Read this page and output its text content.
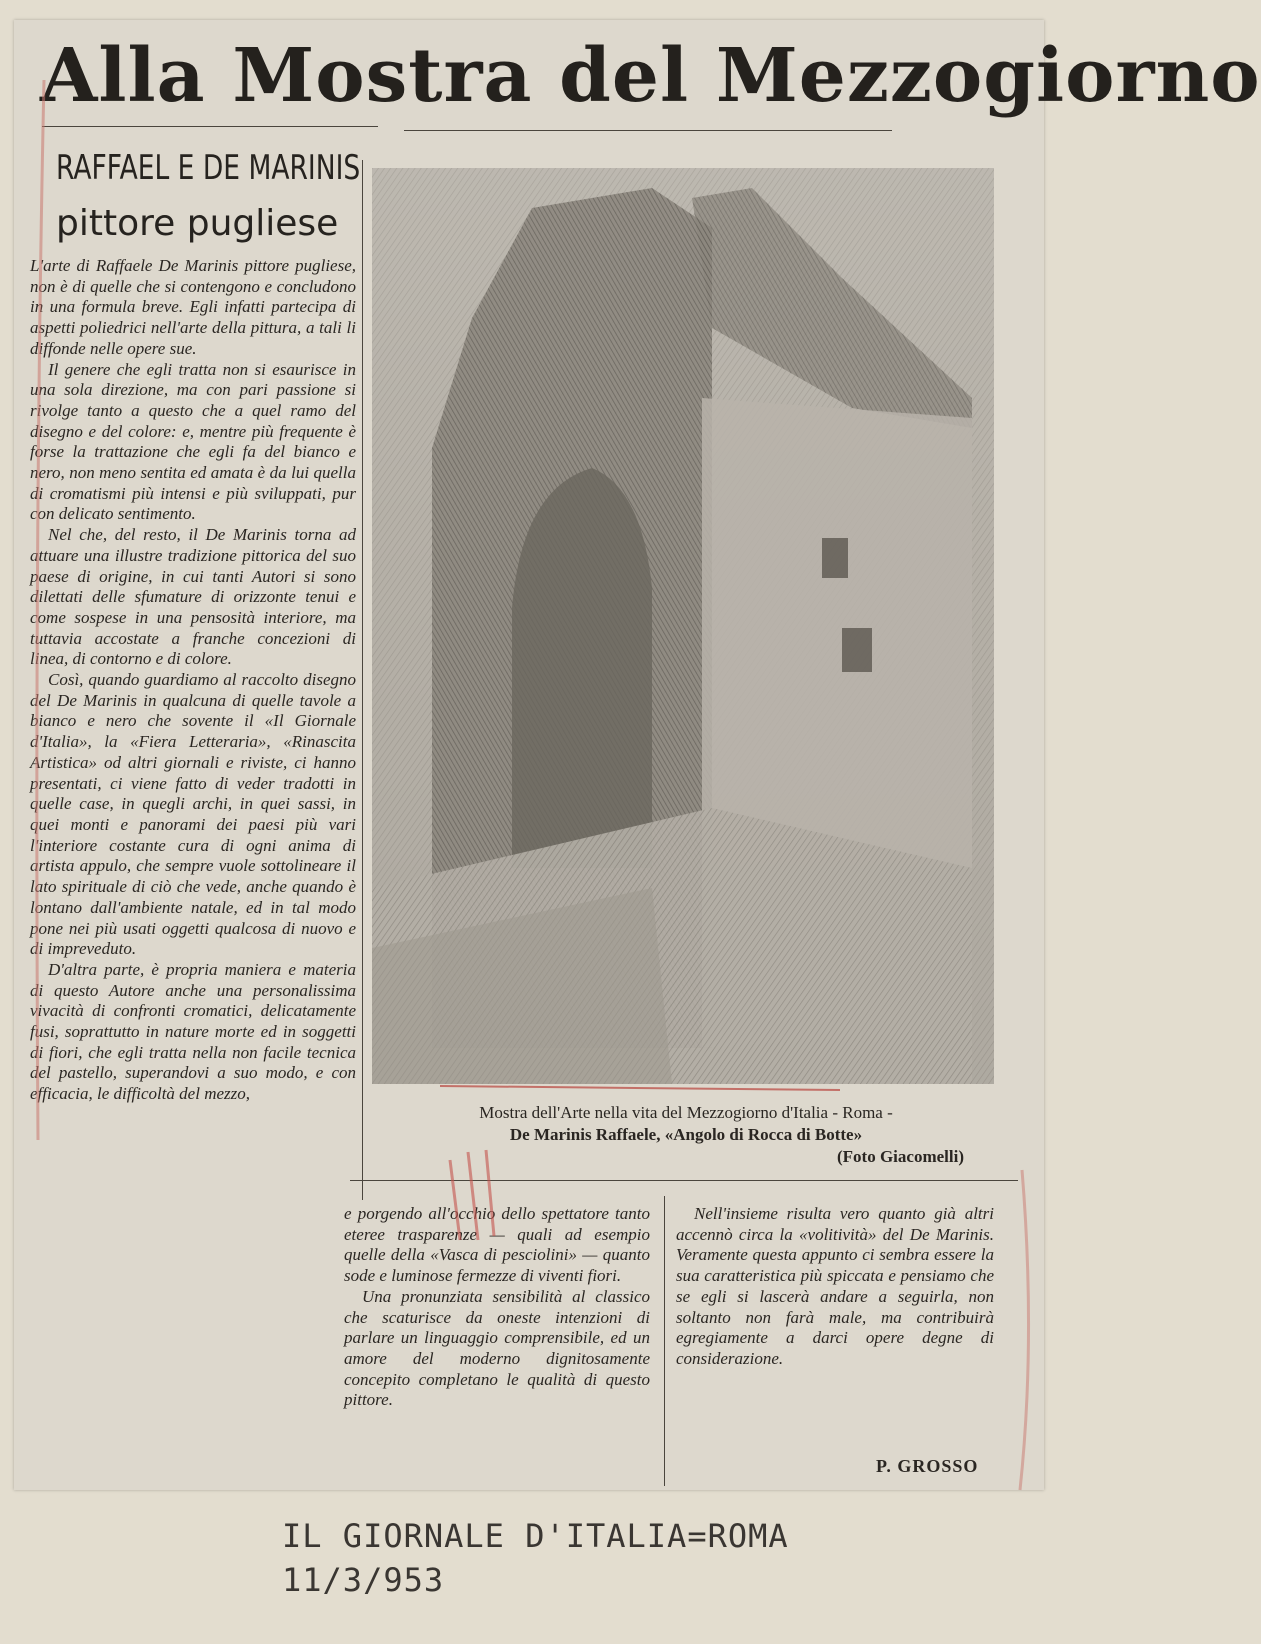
Alla Mostra del Mezzogiorno
RAFFAEL E DE MARINIS
pittore pugliese

L'arte di Raffaele De Marinis pittore pugliese, non è di quelle che si contengono e concludono in una formula breve. Egli infatti partecipa di aspetti poliedrici nell'arte della pittura, a tali li diffonde nelle opere sue.

Il genere che egli tratta non si esaurisce in una sola direzione, ma con pari passione si rivolge tanto a questo che a quel ramo del disegno e del colore: e, mentre più frequente è forse la trattazione che egli fa del bianco e nero, non meno sentita ed amata è da lui quella di cromatismi più intensi e più sviluppati, pur con delicato sentimento.

Nel che, del resto, il De Marinis torna ad attuare una illustre tradizione pittorica del suo paese di origine, in cui tanti Autori si sono dilettati delle sfumature di orizzonte tenui e come sospese in una pensosità interiore, ma tuttavia accostate a franche concezioni di linea, di contorno e di colore.

Così, quando guardiamo al raccolto disegno del De Marinis in qualcuna di quelle tavole a bianco e nero che sovente il «Il Giornale d'Italia», la «Fiera Letteraria», «Rinascita Artistica» od altri giornali e riviste, ci hanno presentati, ci viene fatto di veder tradotti in quelle case, in quegli archi, in quei sassi, in quei monti e panorami dei paesi più vari l'interiore costante cura di ogni anima di artista appulo, che sempre vuole sottolineare il lato spirituale di ciò che vede, anche quando è lontano dall'ambiente natale, ed in tal modo pone nei più usati oggetti qualcosa di nuovo e di impreveduto.

D'altra parte, è propria maniera e materia di questo Autore anche una personalissima vivacità di confronti cromatici, delicatamente fusi, soprattutto in nature morte ed in soggetti di fiori, che egli tratta nella non facile tecnica del pastello, superandovi a suo modo, e con efficacia, le difficoltà del mezzo,

Mostra dell'Arte nella vita del Mezzogiorno d'Italia - Roma -
De Marinis Raffaele, «Angolo di Rocca di Botte»
(Foto Giacomelli)

e porgendo all'occhio dello spettatore tanto eteree trasparenze — quali ad esempio quelle della «Vasca di pesciolini» — quanto sode e luminose fermezze di viventi fiori.

Una pronunziata sensibilità al classico che scaturisce da oneste intenzioni di parlare un linguaggio comprensibile, ed un amore del moderno dignitosamente concepito completano le qualità di questo pittore.

Nell'insieme risulta vero quanto già altri accennò circa la «volitività» del De Marinis. Veramente questa appunto ci sembra essere la sua caratteristica più spiccata e pensiamo che se egli si lascerà andare a seguirla, non soltanto non farà male, ma contribuirà egregiamente a darci opere degne di considerazione.

P. GROSSO
IL GIORNALE D'ITALIA=ROMA
11/3/953
